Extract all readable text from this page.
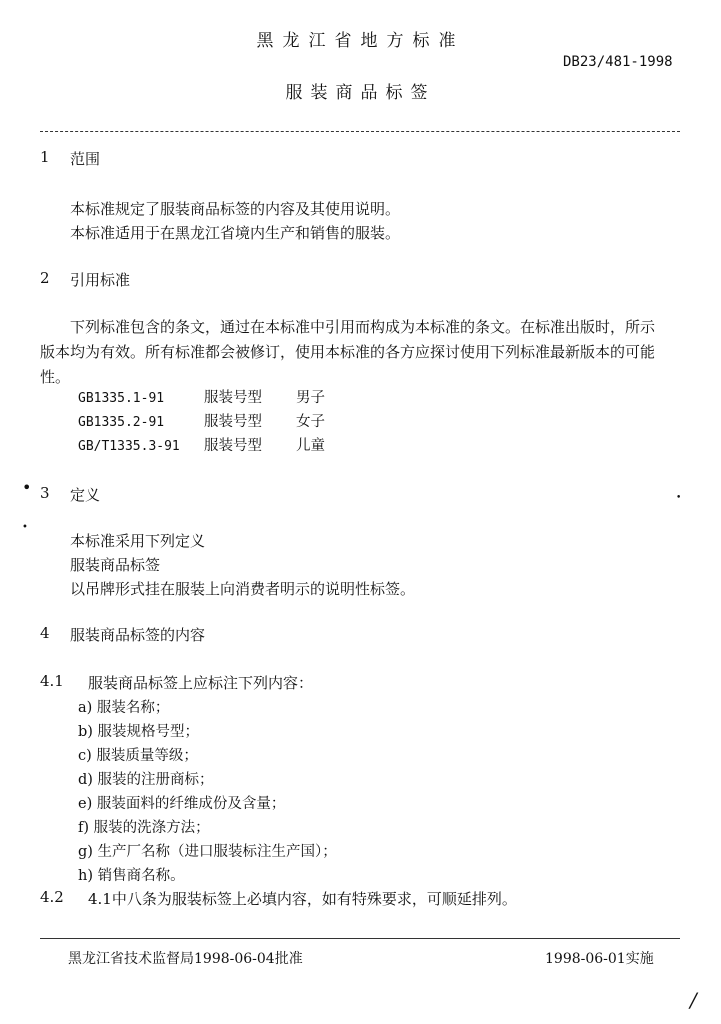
黑龙江省地方标准
DB23/481-1998
服装商品标签
1 范围
本标准规定了服装商品标签的内容及其使用说明。
本标准适用于在黑龙江省境内生产和销售的服装。
2 引用标准
下列标准包含的条文，通过在本标准中引用而构成为本标准的条文。在标准出版时，所示版本均为有效。所有标准都会被修订，使用本标准的各方应探讨使用下列标准最新版本的可能性。
GB1335.1-91	服装号型 男子
GB1335.2-91	服装号型 女子
GB/T1335.3-91 服装号型 儿童
•
•
•
3 定义
本标准采用下列定义
服装商品标签
以吊牌形式挂在服装上向消费者明示的说明性标签。
4 服装商品标签的内容
4.1 服装商品标签上应标注下列内容：
a) 服装名称；
b) 服装规格号型；
c) 服装质量等级；
d) 服装的注册商标；
e) 服装面料的纤维成份及含量；
f) 服装的洗涤方法；
g) 生产厂名称（进口服装标注生产国）；
h) 销售商名称。
4.2 4.1中八条为服装标签上必填内容，如有特殊要求，可顺延排列。
黑龙江省技术监督局1998-06-04批准	1998-06-01实施
/
